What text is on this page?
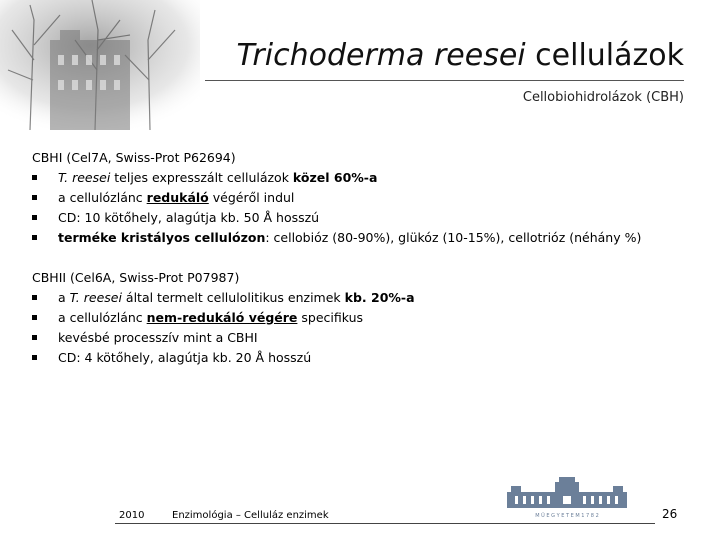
Trichoderma reesei cellulázok
Cellobiohidrolázok (CBH)
CBHI (Cel7A, Swiss-Prot P62694)
T. reesei teljes expresszált cellulázok közel 60%-a
a cellulózlánc redukáló végéről indul
CD: 10 kötőhely, alagútja kb. 50 Å hosszú
terméke kristályos cellulózon: cellobióz (80-90%), glükóz (10-15%), cellotrióz (néhány %)
CBHII (Cel6A, Swiss-Prot P07987)
a T. reesei által termelt cellulolitikus enzimek kb. 20%-a
a cellulózlánc nem-redukáló végére specifikus
kevésbé processzív mint a CBHI
CD: 4 kötőhely, alagútja kb. 20 Å hosszú
2010	Enzimológia – Celluláz enzimek	M Ű E G Y E T E M 1 7 8 2	26
